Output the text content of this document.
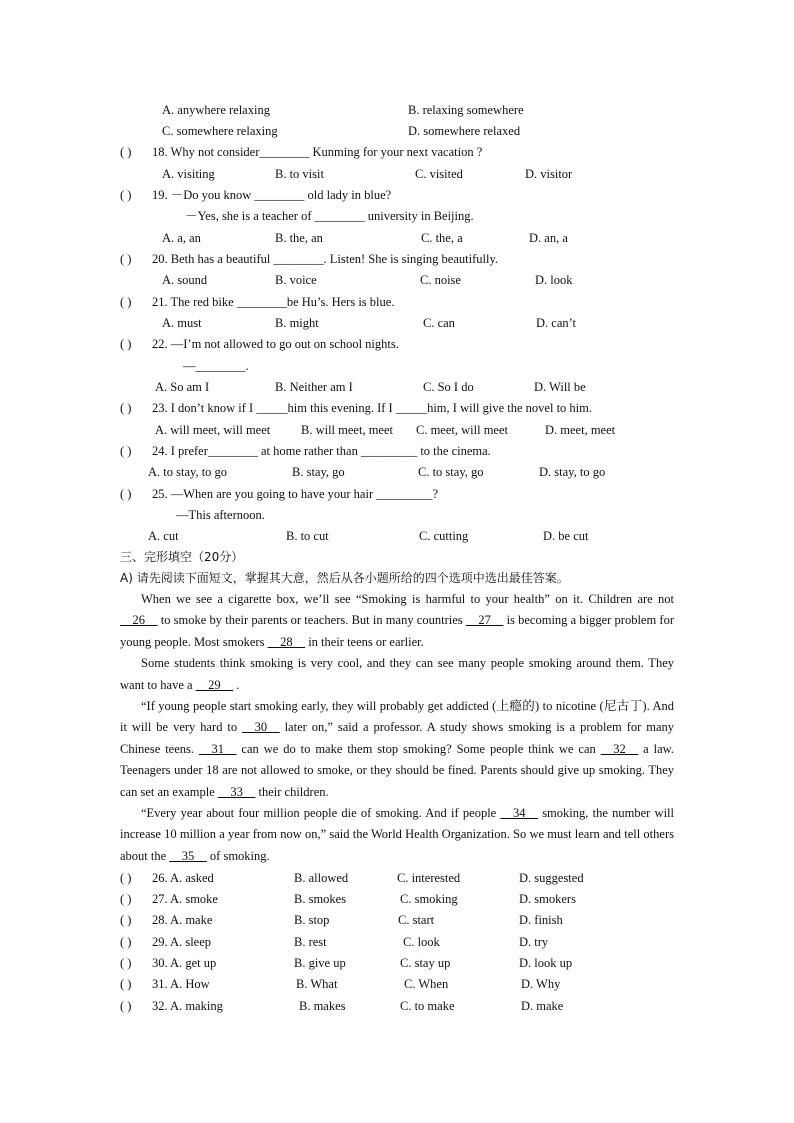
A. anywhere relaxing	B. relaxing somewhere
C. somewhere relaxing	D. somewhere relaxed
( ) 18. Why not consider________ Kunming for your next vacation ?
A. visiting	B. to visit	C. visited	D. visitor
( ) 19. －Do you know ________ old lady in blue?
－Yes, she is a teacher of ________ university in Beijing.
A. a, an	B. the, an	C. the, a	D. an, a
( ) 20. Beth has a beautiful ________. Listen! She is singing beautifully.
A. sound	B. voice	C. noise	D. look
( ) 21. The red bike ________be Hu’s. Hers is blue.
A. must	B. might	C. can	D. can’t
( ) 22. —I’m not allowed to go out on school nights.
—________.
A. So am I	B. Neither am I	C. So I do	D. Will be
( ) 23. I don’t know if I _____him this evening. If I _____him, I will give the novel to him.
A. will meet, will meet B. will meet, meet C. meet, will meet	D. meet, meet
( ) 24. I prefer________ at home rather than _________ to the cinema.
A. to stay, to go	B. stay, go	C. to stay, go	D. stay, to go
( ) 25. —When are you going to have your hair _________?
—This afternoon.
A. cut	B. to cut	C. cutting	D. be cut
三、完形填空（20分）
A) 请先阅读下面短文，掌握其大意，然后从各小题所给的四个选项中选出最佳答案。

When we see a cigarette box, we’ll see “Smoking is harmful to your health” on it. Children are not __26__ to smoke by their parents or teachers. But in many countries __27__ is becoming a bigger problem for young people. Most smokers __28__ in their teens or earlier.

Some students think smoking is very cool, and they can see many people smoking around them. They want to have a __29__ .

“If young people start smoking early, they will probably get addicted (上瘾的) to nicotine (尼古丁). And it will be very hard to __30__ later on,” said a professor. A study shows smoking is a problem for many Chinese teens. __31__ can we do to make them stop smoking? Some people think we can __32__ a law. Teenagers under 18 are not allowed to smoke, or they should be fined. Parents should give up smoking. They can set an example __33__ their children.

“Every year about four million people die of smoking. And if people __34__ smoking, the number will increase 10 million a year from now on,” said the World Health Organization. So we must learn and tell others about the __35__ of smoking.

( ) 26. A. asked	B. allowed	C. interested	D. suggested
( ) 27. A. smoke	B. smokes	C. smoking	D. smokers
( ) 28. A. make	B. stop	C. start	D. finish
( ) 29. A. sleep	B. rest	C. look	D. try
( ) 30. A. get up	B. give up	C. stay up	D. look up
( ) 31. A. How	B. What	C. When	D. Why
( ) 32. A. making	B. makes	C. to make	D. make
